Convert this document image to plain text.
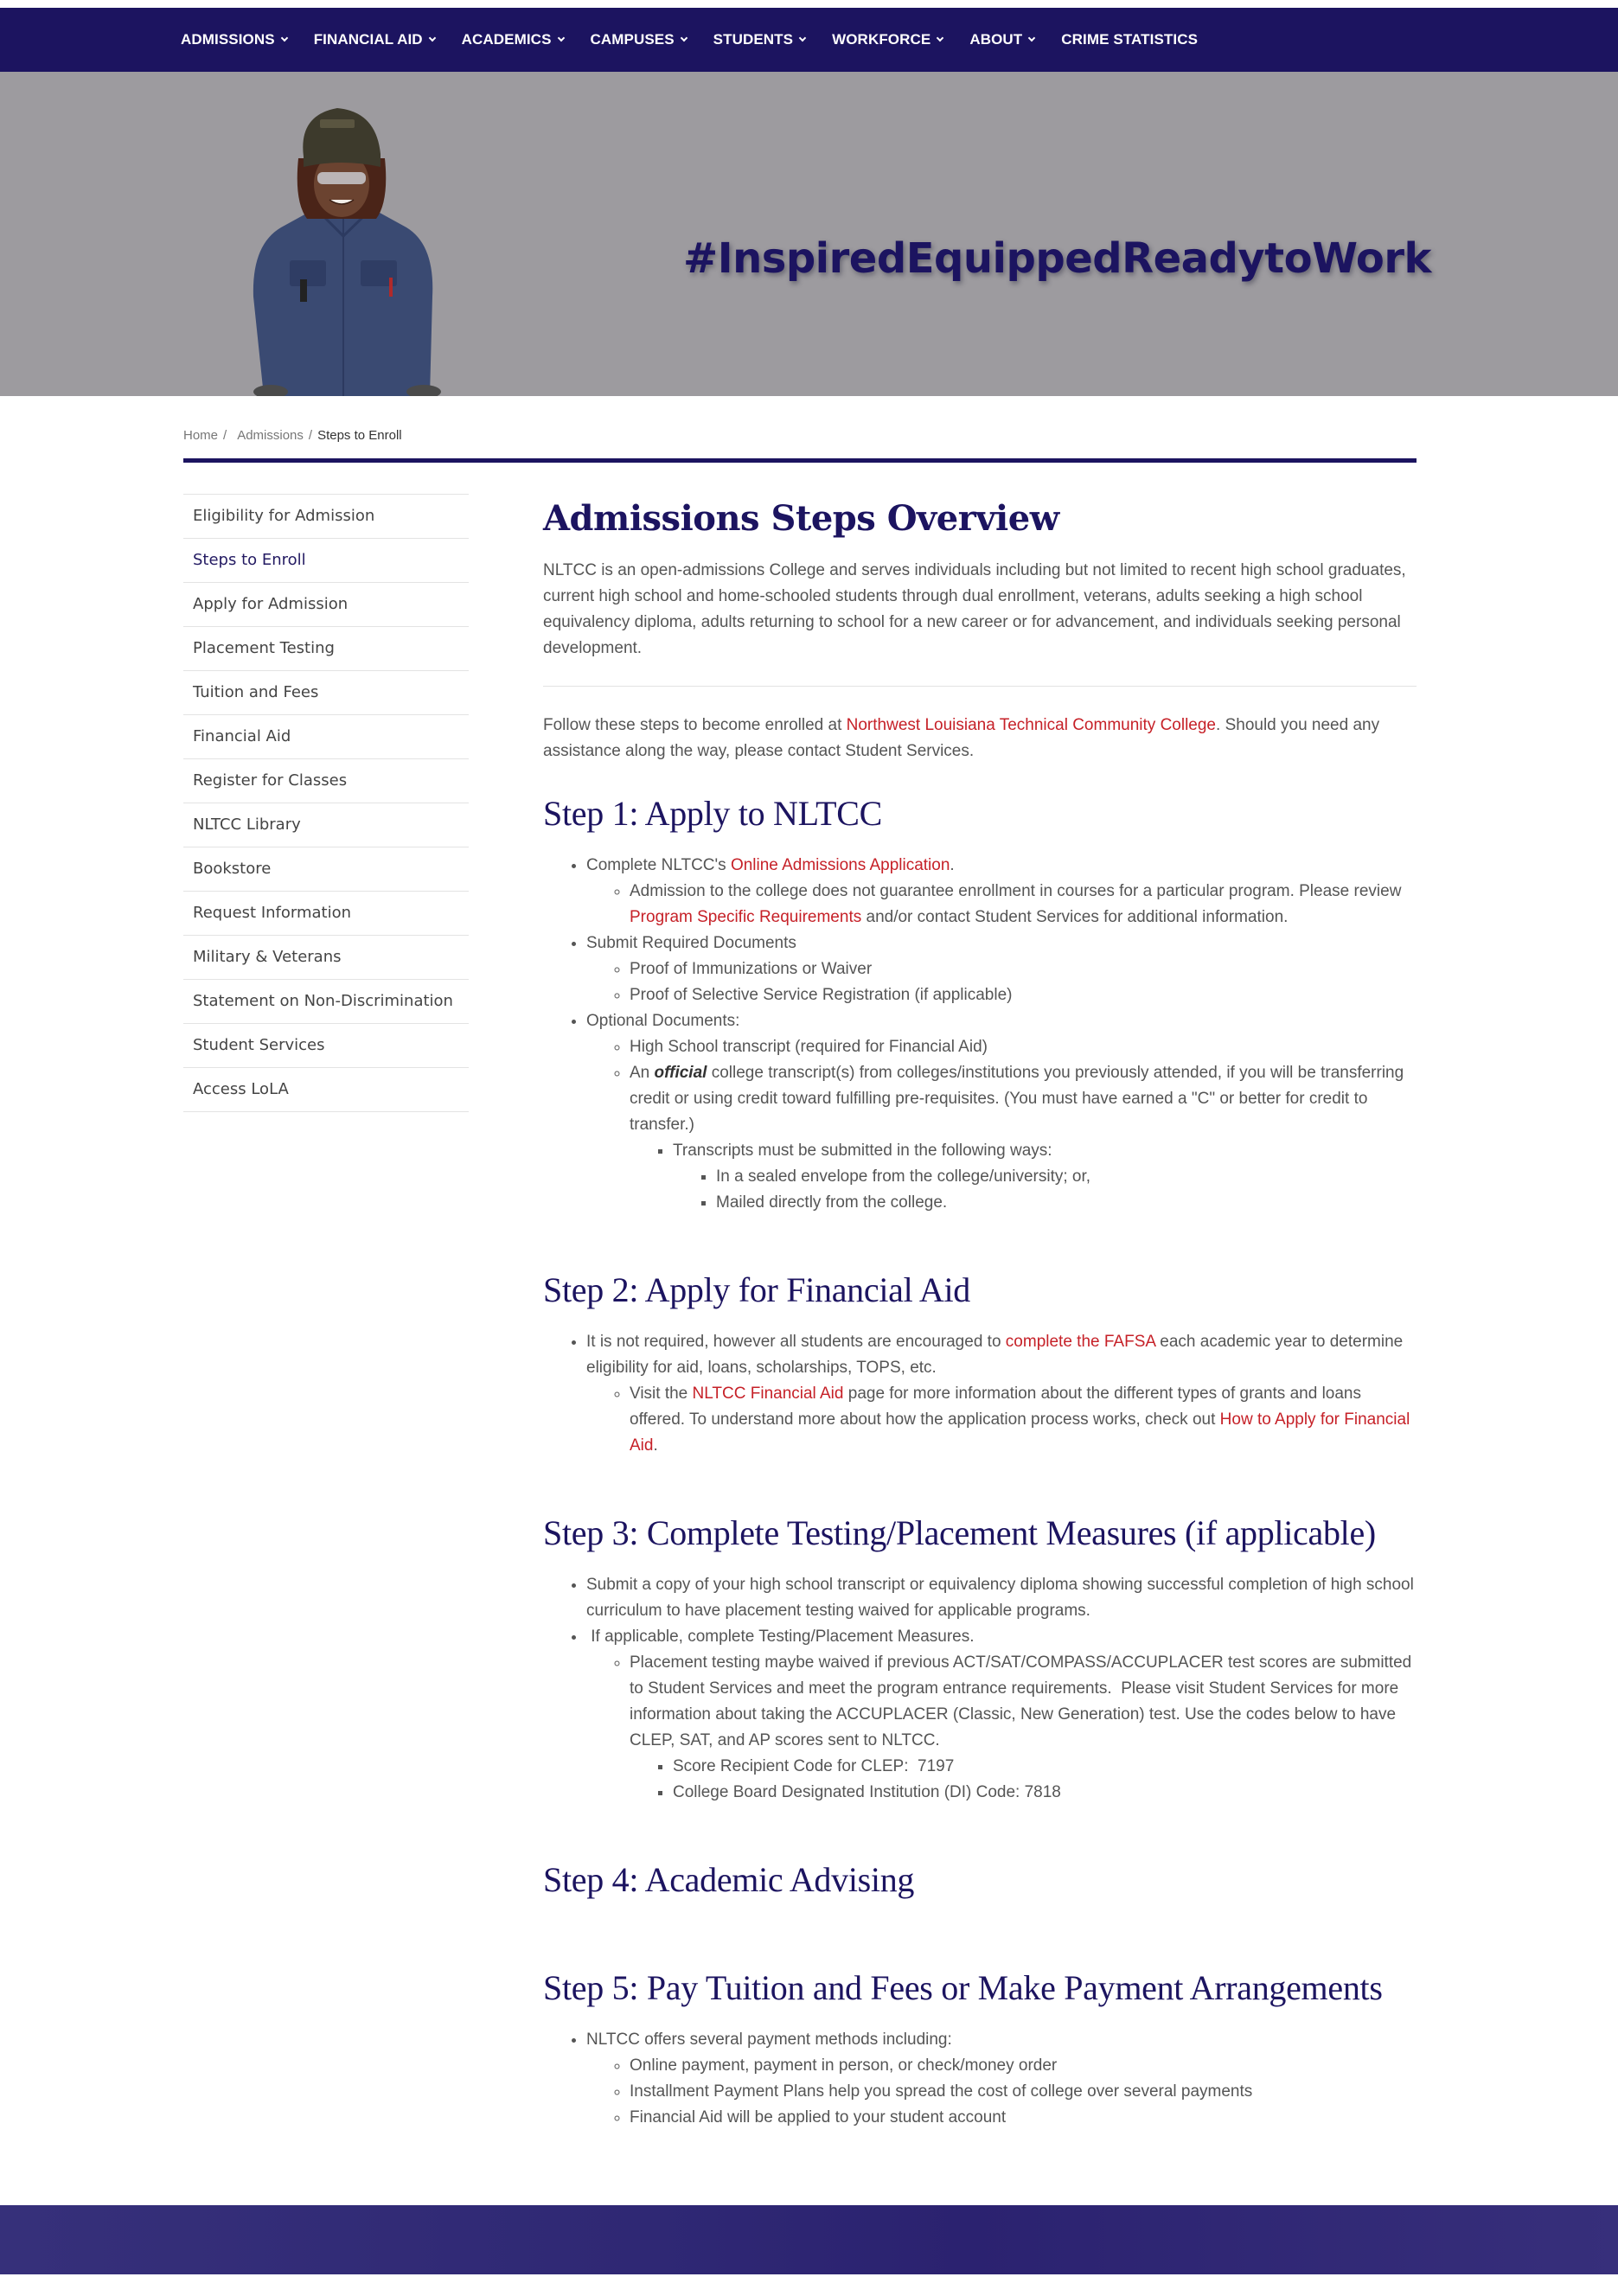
ADMISSIONS	FINANCIAL AID	ACADEMICS	CAMPUSES	STUDENTS	WORKFORCE	ABOUT	CRIME STATISTICS
#InspiredEquippedReadytoWork
Home / Admissions / Steps to Enroll
Eligibility for Admission
Steps to Enroll
Apply for Admission
Placement Testing
Tuition and Fees
Financial Aid
Register for Classes
NLTCC Library
Bookstore
Request Information
Military & Veterans
Statement on Non-Discrimination
Student Services
Access LoLA
Admissions Steps Overview

NLTCC is an open-admissions College and serves individuals including but not limited to recent high school graduates, current high school and home-schooled students through dual enrollment, veterans, adults seeking a high school equivalency diploma, adults returning to school for a new career or for advancement, and individuals seeking personal development.

Follow these steps to become enrolled at Northwest Louisiana Technical Community College. Should you need any assistance along the way, please contact Student Services.

Step 1: Apply to NLTCC
• Complete NLTCC's Online Admissions Application.
◦ Admission to the college does not guarantee enrollment in courses for a particular program. Please review Program Specific Requirements and/or contact Student Services for additional information.
• Submit Required Documents
◦ Proof of Immunizations or Waiver
◦ Proof of Selective Service Registration (if applicable)
• Optional Documents:
◦ High School transcript (required for Financial Aid)
◦ An official college transcript(s) from colleges/institutions you previously attended, if you will be transferring credit or using credit toward fulfilling pre-requisites. (You must have earned a "C" or better for credit to transfer.)
▪ Transcripts must be submitted in the following ways:
▪ In a sealed envelope from the college/university; or,
▪ Mailed directly from the college.
Step 2: Apply for Financial Aid
• It is not required, however all students are encouraged to complete the FAFSA each academic year to determine eligibility for aid, loans, scholarships, TOPS, etc.
◦ Visit the NLTCC Financial Aid page for more information about the different types of grants and loans offered. To understand more about how the application process works, check out How to Apply for Financial Aid.
Step 3: Complete Testing/Placement Measures (if applicable)
• Submit a copy of your high school transcript or equivalency diploma showing successful completion of high school curriculum to have placement testing waived for applicable programs.
•  If applicable, complete Testing/Placement Measures.
◦ Placement testing maybe waived if previous ACT/SAT/COMPASS/ACCUPLACER test scores are submitted to Student Services and meet the program entrance requirements.  Please visit Student Services for more information about taking the ACCUPLACER (Classic, New Generation) test. Use the codes below to have CLEP, SAT, and AP scores sent to NLTCC.
▪ Score Recipient Code for CLEP:  7197
▪ College Board Designated Institution (DI) Code: 7818
Step 4: Academic Advising
Step 5: Pay Tuition and Fees or Make Payment Arrangements
• NLTCC offers several payment methods including:
◦ Online payment, payment in person, or check/money order
◦ Installment Payment Plans help you spread the cost of college over several payments
◦ Financial Aid will be applied to your student account
